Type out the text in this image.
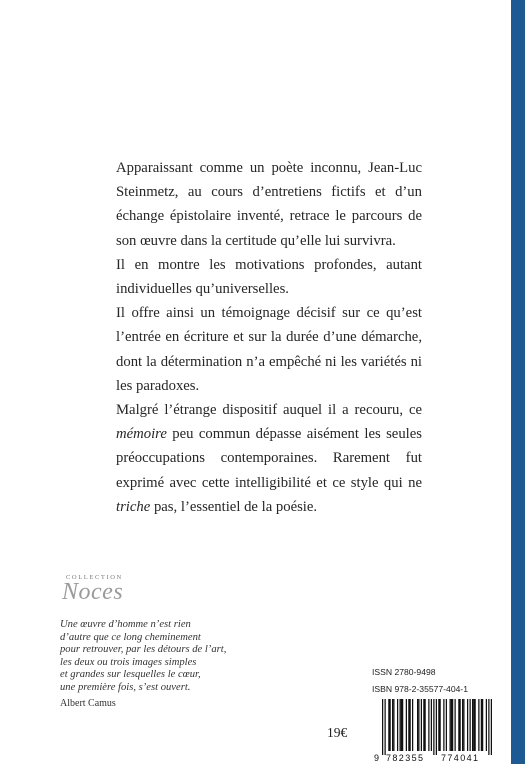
Apparaissant comme un poète inconnu, Jean-Luc Steinmetz, au cours d’entretiens fictifs et d’un échange épistolaire inventé, retrace le parcours de son œuvre dans la certitude qu’elle lui survivra.

Il en montre les motivations profondes, autant individuelles qu’universelles.

Il offre ainsi un témoignage décisif sur ce qu’est l’entrée en écriture et sur la durée d’une démarche, dont la détermination n’a empêché ni les variétés ni les paradoxes.

Malgré l’étrange dispositif auquel il a recouru, ce mémoire peu commun dépasse aisément les seules préoccupations contemporaines. Rarement fut exprimé avec cette intelligibilité et ce style qui ne triche pas, l’essentiel de la poésie.

COLLECTION
Noces
Une œuvre d’homme n’est rien
d’autre que ce long cheminement
pour retrouver, par les détours de l’art,
les deux ou trois images simples
et grandes sur lesquelles le cœur,
une première fois, s’est ouvert.
Albert Camus
ISSN 2780-9498
ISBN 978-2-35577-404-1
19€
9 782355 774041
